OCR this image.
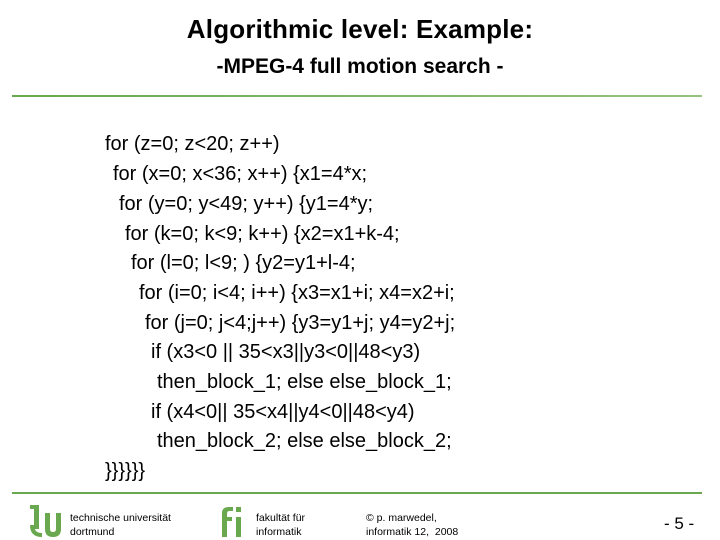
Algorithmic level: Example:
-MPEG-4 full motion search -
for (z=0; z<20; z++)
for (x=0; x<36; x++) {x1=4*x;
for (y=0; y<49; y++) {y1=4*y;
for (k=0; k<9; k++) {x2=x1+k-4;
for (l=0; l<9; ) {y2=y1+l-4;
for (i=0; i<4; i++) {x3=x1+i; x4=x2+i;
for (j=0; j<4;j++) {y3=y1+j; y4=y2+j;
if (x3<0 || 35<x3||y3<0||48<y3)
then_block_1; else else_block_1;
if (x4<0|| 35<x4||y4<0||48<y4)
then_block_2; else else_block_2;
}}}}}}
technische universität
dortmund
fakultät für
informatik
© p. marwedel,
informatik 12,  2008	- 5 -
